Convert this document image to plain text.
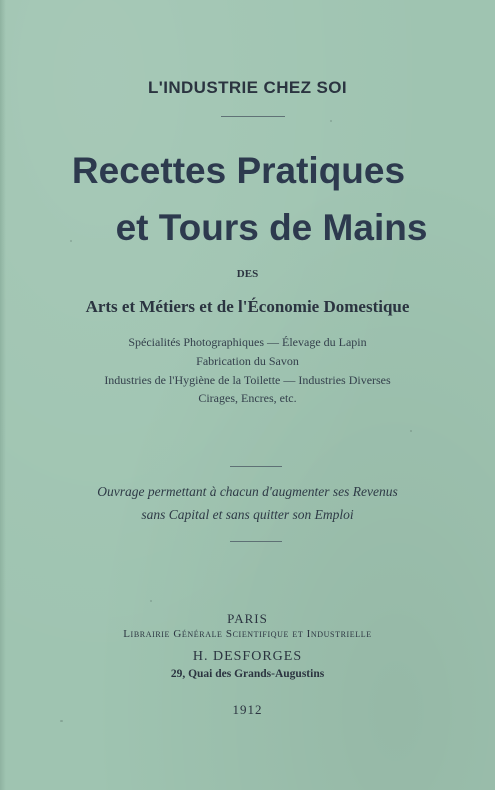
L'INDUSTRIE CHEZ SOI
Recettes Pratiques
et Tours de Mains
DES
Arts et Métiers et de l'Économie Domestique
Spécialités Photographiques — Élevage du Lapin
Fabrication du Savon
Industries de l'Hygiène de la Toilette — Industries Diverses
Cirages, Encres, etc.
Ouvrage permettant à chacun d'augmenter ses Revenus
sans Capital et sans quitter son Emploi
PARIS
Librairie Générale Scientifique et Industrielle
H. DESFORGES
29, Quai des Grands-Augustins
1912
